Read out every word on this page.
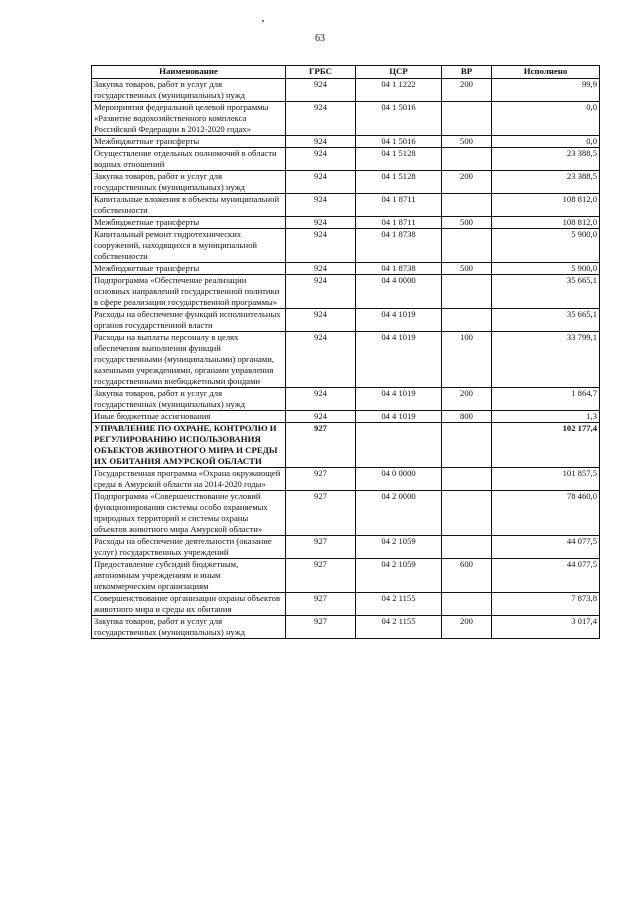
63
Наименование	ГРБС	ЦСР	ВР	Исполнено
Закупка товаров, работ и услуг для государственных (муниципальных) нужд	924	04 1 1222	200	99,9
Мероприятия федеральной целевой программы «Развитие водохозяйственного комплекса Российской Федерации в 2012-2020 годах»	924	04 1 5016		0,0
Межбюджетные трансферты	924	04 1 5016	500	0,0
Осуществление отдельных полномочий в области водных отношений	924	04 1 5128		23 388,5
Закупка товаров, работ и услуг для государственных (муниципальных) нужд	924	04 1 5128	200	23 388,5
Капитальные вложения в объекты муниципальной собственности	924	04 1 8711		108 812,0
Межбюджетные трансферты	924	04 1 8711	500	108 812,0
Капитальный ремонт гидротехнических сооружений, находящихся в муниципальной собственности	924	04 1 8738		5 900,0
Межбюджетные трансферты	924	04 1 8738	500	5 900,0
Подпрограмма «Обеспечение реализации основных направлений государственной политики в сфере реализации государственной программы»	924	04 4 0000		35 665,1
Расходы на обеспечение функций исполнительных органов государственной власти	924	04 4 1019		35 665,1
Расходы на выплаты персоналу в целях обеспечения выполнения функций государственными (муниципальными) органами, казенными учреждениями, органами управления государственными внебюджетными фондами	924	04 4 1019	100	33 799,1
Закупка товаров, работ и услуг для государственных (муниципальных) нужд	924	04 4 1019	200	1 864,7
Иные бюджетные ассигнования	924	04 4 1019	800	1,3
УПРАВЛЕНИЕ ПО ОХРАНЕ, КОНТРОЛЮ И РЕГУЛИРОВАНИЮ ИСПОЛЬЗОВАНИЯ ОБЪЕКТОВ ЖИВОТНОГО МИРА И СРЕДЫ ИХ ОБИТАНИЯ АМУРСКОЙ ОБЛАСТИ	927			102 177,4
Государственная программа «Охрана окружающей среды в Амурской области на 2014-2020 годы»	927	04 0 0000		101 857,5
Подпрограмма «Совершенствование условий функционирования системы особо охраняемых природных территорий и системы охраны объектов животного мира Амурской области»	927	04 2 0000		78 460,0
Расходы на обеспечение деятельности (оказание услуг) государственных учреждений	927	04 2 1059		44 077,5
Предоставление субсидий бюджетным, автономным учреждениям и иным некоммерческим организациям	927	04 2 1059	600	44 077,5
Совершенствование организации охраны объектов животного мира и среды их обитания	927	04 2 1155		7 873,8
Закупка товаров, работ и услуг для государственных (муниципальных) нужд	927	04 2 1155	200	3 017,4
